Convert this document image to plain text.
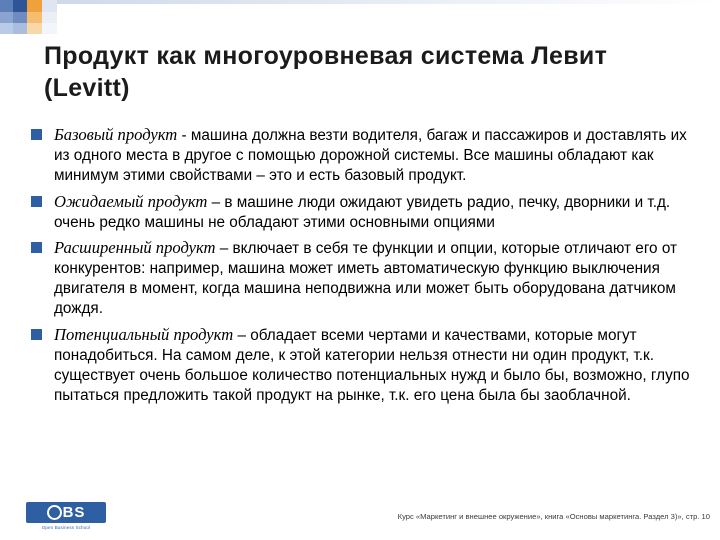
Продукт как многоуровневая система Левит (Levitt)
Базовый продукт - машина должна везти водителя, багаж и пассажиров и доставлять их из одного места в другое с помощью дорожной системы. Все машины обладают как минимум этими свойствами – это и есть базовый продукт.
Ожидаемый продукт – в машине люди ожидают увидеть радио, печку, дворники и т.д. очень редко машины не обладают этими основными опциями
Расширенный продукт – включает в себя те функции и опции, которые отличают его от конкурентов: например, машина может иметь автоматическую функцию выключения двигателя в момент, когда машина неподвижна или может быть оборудована датчиком дождя.
Потенциальный продукт – обладает всеми чертами и качествами, которые могут понадобиться. На самом деле, к этой категории нельзя отнести ни один продукт, т.к. существует очень большое количество потенциальных нужд и было бы, возможно, глупо пытаться предложить такой продукт на рынке, т.к. его цена была бы заоблачной.
Курс «Маркетинг и внешнее окружение», книга «Основы маркетинга. Раздел 3)», стр. 10
BS
Open Business School
